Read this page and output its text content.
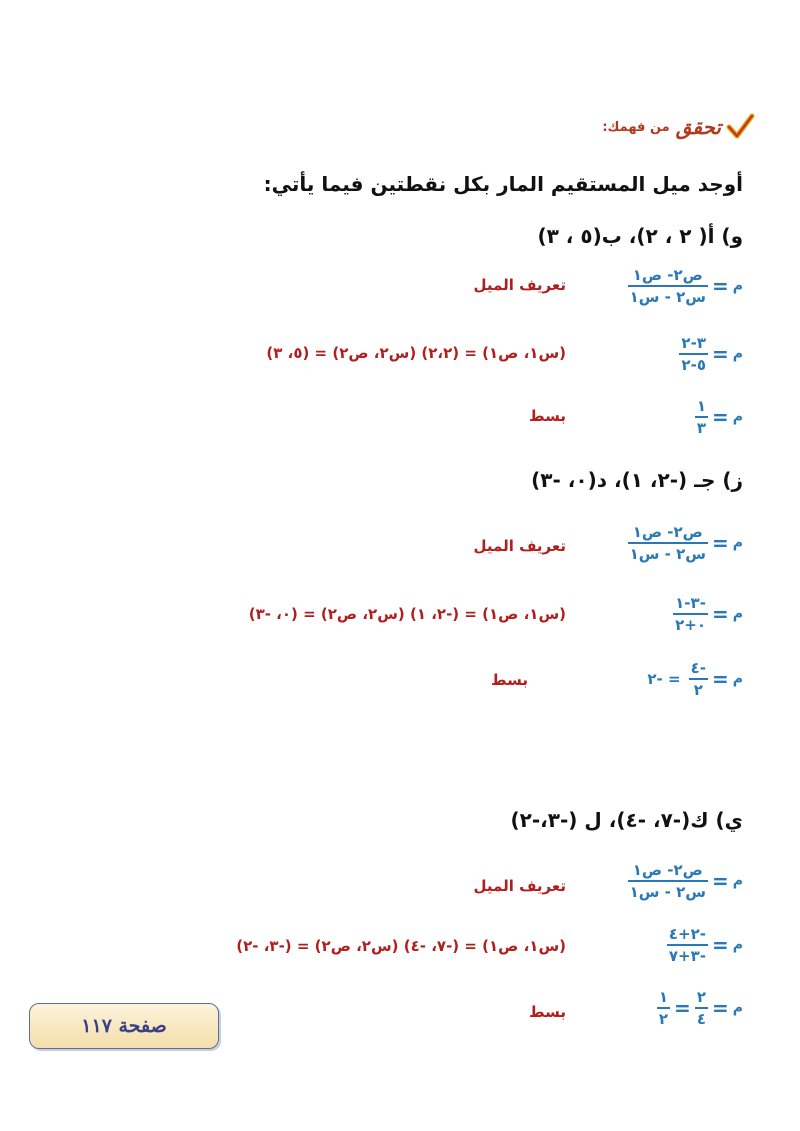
تحقق
من فهمك:
أوجد ميل المستقيم المار بكل نقطتين فيما يأتي:
و) أ( ٢ ، ٢)، ب(٥ ، ٣)
م
=
$\frac{\text{ص٢- ص١}}{\text{س٢ - س١}}$
تعريف الميل
م
=
$\frac{٣-٢}{٥-٢}$
(س١، ص١) = (٢،٢) (س٢، ص٢) = (٥، ٣)
م
=
$\frac{١}{٣}$
بسط
ز) جـ (-٢، ١)، د(٠، -٣)
م
=
$\frac{\text{ص٢- ص١}}{\text{س٢ - س١}}$
تعريف الميل
م
=
$\frac{-٣-١}{٠+٢}$
(س١، ص١) = (-٢، ١) (س٢، ص٢) = (٠، -٣)
م
=
$\frac{-٤}{٢}$
= -٢
بسط
ي) ك(-٧، -٤)، ل (-٣،-٢)
م
=
$\frac{\text{ص٢- ص١}}{\text{س٢ - س١}}$
تعريف الميل
م
=
$\frac{-٢+٤}{-٣+٧}$
(س١، ص١) = (-٧، -٤) (س٢، ص٢) = (-٣، -٢)
م
=
$\frac{٢}{٤}$
=
$\frac{١}{٢}$
بسط
صفحة ١١٧
